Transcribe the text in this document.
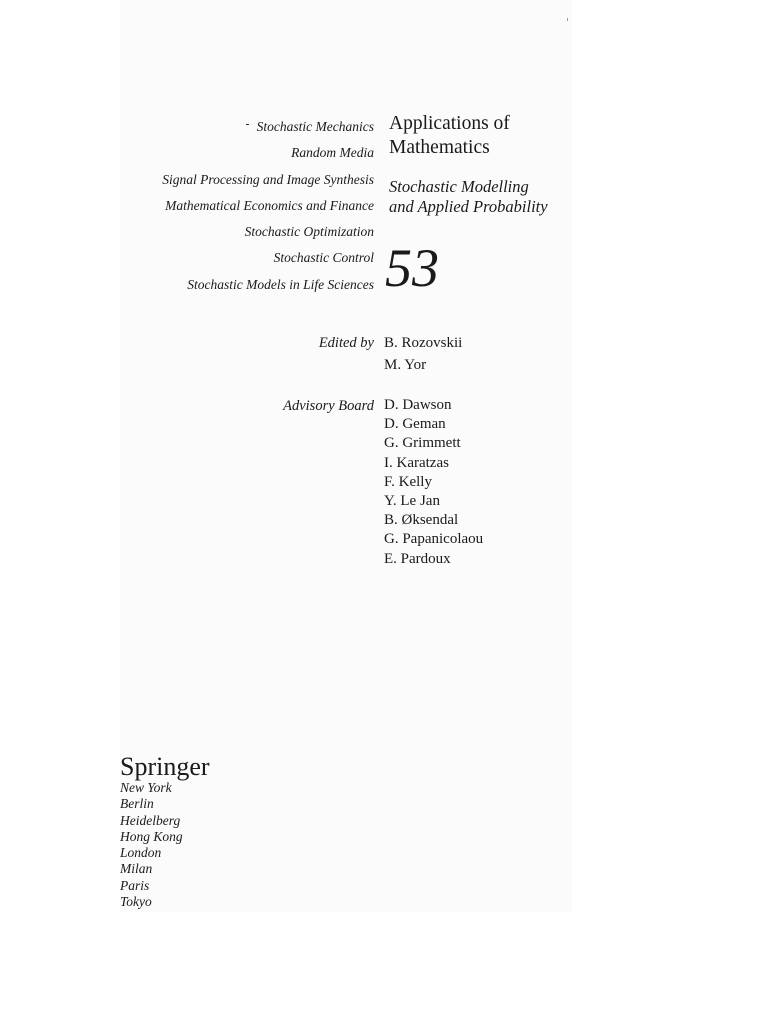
Stochastic Mechanics
Random Media
Signal Processing and Image Synthesis
Mathematical Economics and Finance
Stochastic Optimization
Stochastic Control
Stochastic Models in Life Sciences
Applications of
Mathematics
Stochastic Modelling
and Applied Probability
53
Edited by B. Rozovskii
M. Yor
Advisory Board D. Dawson
D. Geman
G. Grimmett
I. Karatzas
F. Kelly
Y. Le Jan
B. Øksendal
G. Papanicolaou
E. Pardoux
Springer
New York
Berlin
Heidelberg
Hong Kong
London
Milan
Paris
Tokyo
